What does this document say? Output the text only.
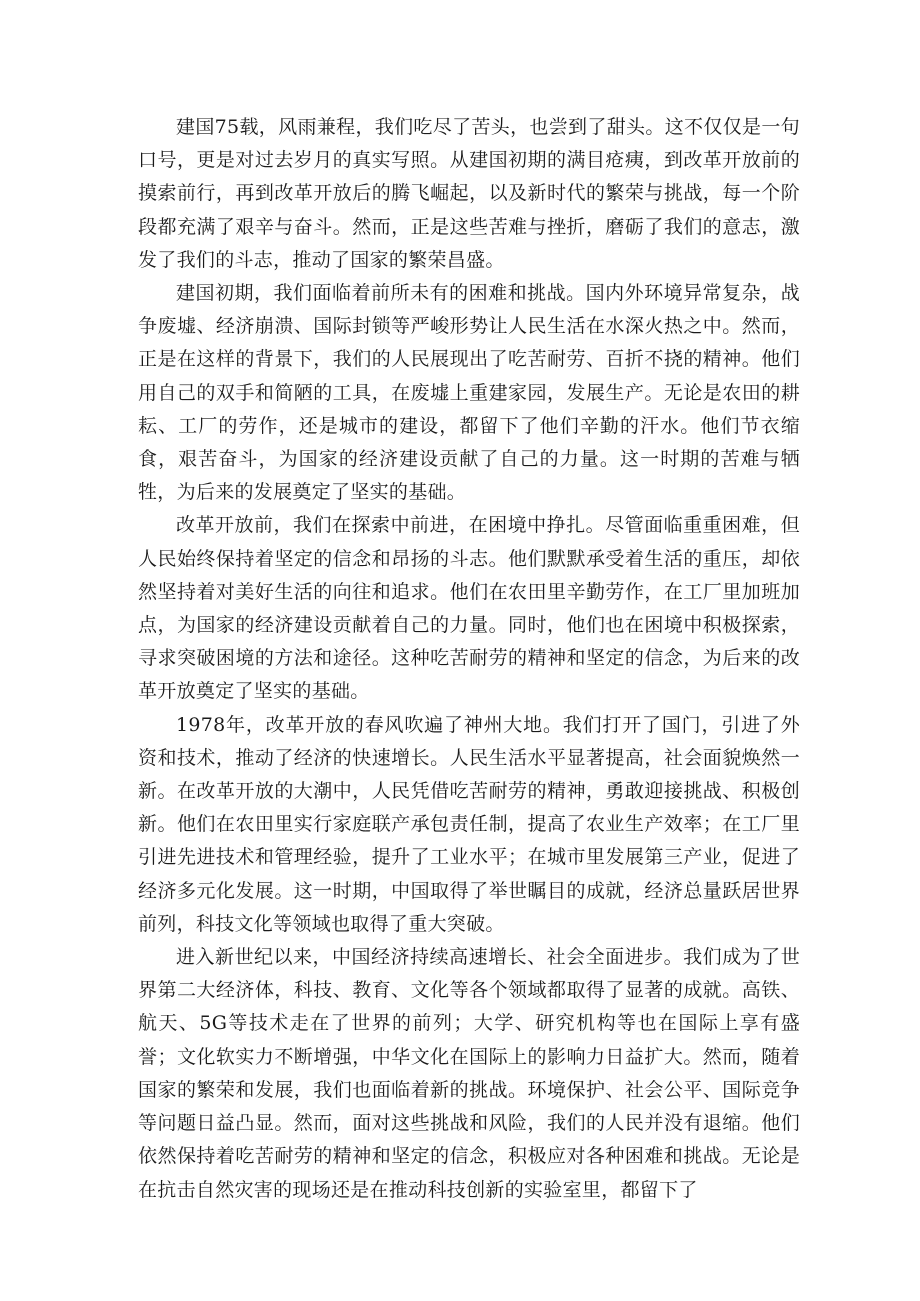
建国75载，风雨兼程，我们吃尽了苦头，也尝到了甜头。这不仅仅是一句口号，更是对过去岁月的真实写照。从建国初期的满目疮痍，到改革开放前的摸索前行，再到改革开放后的腾飞崛起，以及新时代的繁荣与挑战，每一个阶段都充满了艰辛与奋斗。然而，正是这些苦难与挫折，磨砺了我们的意志，激发了我们的斗志，推动了国家的繁荣昌盛。

建国初期，我们面临着前所未有的困难和挑战。国内外环境异常复杂，战争废墟、经济崩溃、国际封锁等严峻形势让人民生活在水深火热之中。然而，正是在这样的背景下，我们的人民展现出了吃苦耐劳、百折不挠的精神。他们用自己的双手和简陋的工具，在废墟上重建家园，发展生产。无论是农田的耕耘、工厂的劳作，还是城市的建设，都留下了他们辛勤的汗水。他们节衣缩食，艰苦奋斗，为国家的经济建设贡献了自己的力量。这一时期的苦难与牺牲，为后来的发展奠定了坚实的基础。

改革开放前，我们在探索中前进，在困境中挣扎。尽管面临重重困难，但人民始终保持着坚定的信念和昂扬的斗志。他们默默承受着生活的重压，却依然坚持着对美好生活的向往和追求。他们在农田里辛勤劳作，在工厂里加班加点，为国家的经济建设贡献着自己的力量。同时，他们也在困境中积极探索，寻求突破困境的方法和途径。这种吃苦耐劳的精神和坚定的信念，为后来的改革开放奠定了坚实的基础。

1978年，改革开放的春风吹遍了神州大地。我们打开了国门，引进了外资和技术，推动了经济的快速增长。人民生活水平显著提高，社会面貌焕然一新。在改革开放的大潮中，人民凭借吃苦耐劳的精神，勇敢迎接挑战、积极创新。他们在农田里实行家庭联产承包责任制，提高了农业生产效率；在工厂里引进先进技术和管理经验，提升了工业水平；在城市里发展第三产业，促进了经济多元化发展。这一时期，中国取得了举世瞩目的成就，经济总量跃居世界前列，科技文化等领域也取得了重大突破。

进入新世纪以来，中国经济持续高速增长、社会全面进步。我们成为了世界第二大经济体，科技、教育、文化等各个领域都取得了显著的成就。高铁、航天、5G等技术走在了世界的前列；大学、研究机构等也在国际上享有盛誉；文化软实力不断增强，中华文化在国际上的影响力日益扩大。然而，随着国家的繁荣和发展，我们也面临着新的挑战。环境保护、社会公平、国际竞争等问题日益凸显。然而，面对这些挑战和风险，我们的人民并没有退缩。他们依然保持着吃苦耐劳的精神和坚定的信念，积极应对各种困难和挑战。无论是在抗击自然灾害的现场还是在推动科技创新的实验室里，都留下了
